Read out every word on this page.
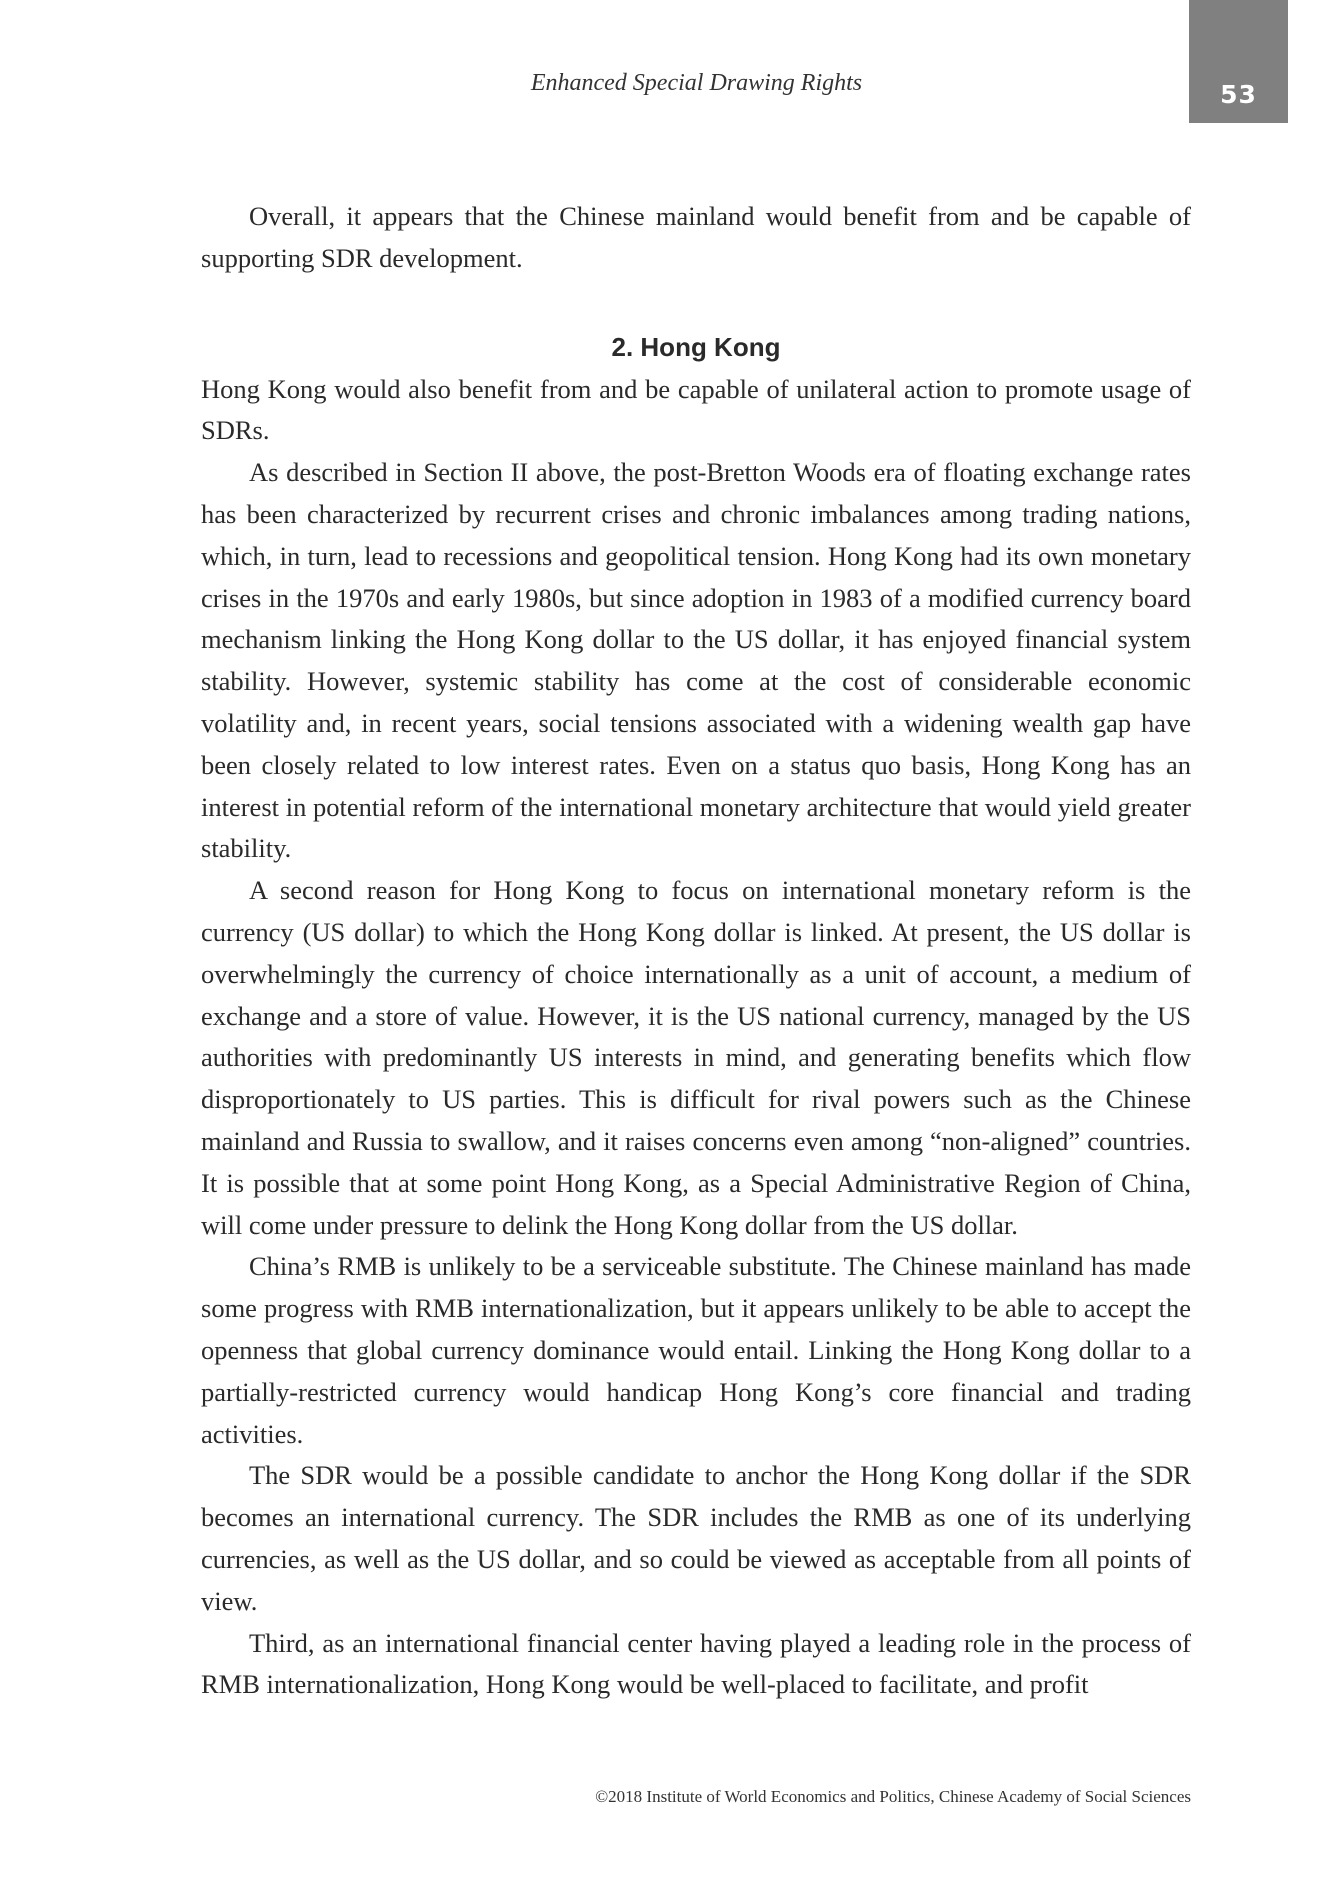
53
Enhanced Special Drawing Rights

Overall, it appears that the Chinese mainland would benefit from and be capable of supporting SDR development.

2. Hong Kong

Hong Kong would also benefit from and be capable of unilateral action to promote usage of SDRs.

As described in Section II above, the post-Bretton Woods era of floating exchange rates has been characterized by recurrent crises and chronic imbalances among trading nations, which, in turn, lead to recessions and geopolitical tension. Hong Kong had its own monetary crises in the 1970s and early 1980s, but since adoption in 1983 of a modified currency board mechanism linking the Hong Kong dollar to the US dollar, it has enjoyed financial system stability. However, systemic stability has come at the cost of considerable economic volatility and, in recent years, social tensions associated with a widening wealth gap have been closely related to low interest rates. Even on a status quo basis, Hong Kong has an interest in potential reform of the international monetary architecture that would yield greater stability.

A second reason for Hong Kong to focus on international monetary reform is the currency (US dollar) to which the Hong Kong dollar is linked. At present, the US dollar is overwhelmingly the currency of choice internationally as a unit of account, a medium of exchange and a store of value. However, it is the US national currency, managed by the US authorities with predominantly US interests in mind, and generating benefits which flow disproportionately to US parties. This is difficult for rival powers such as the Chinese mainland and Russia to swallow, and it raises concerns even among “non-aligned” countries. It is possible that at some point Hong Kong, as a Special Administrative Region of China, will come under pressure to delink the Hong Kong dollar from the US dollar.

China’s RMB is unlikely to be a serviceable substitute. The Chinese mainland has made some progress with RMB internationalization, but it appears unlikely to be able to accept the openness that global currency dominance would entail. Linking the Hong Kong dollar to a partially-restricted currency would handicap Hong Kong’s core financial and trading activities.

The SDR would be a possible candidate to anchor the Hong Kong dollar if the SDR becomes an international currency. The SDR includes the RMB as one of its underlying currencies, as well as the US dollar, and so could be viewed as acceptable from all points of view.

Third, as an international financial center having played a leading role in the process of RMB internationalization, Hong Kong would be well-placed to facilitate, and profit

©2018 Institute of World Economics and Politics, Chinese Academy of Social Sciences
